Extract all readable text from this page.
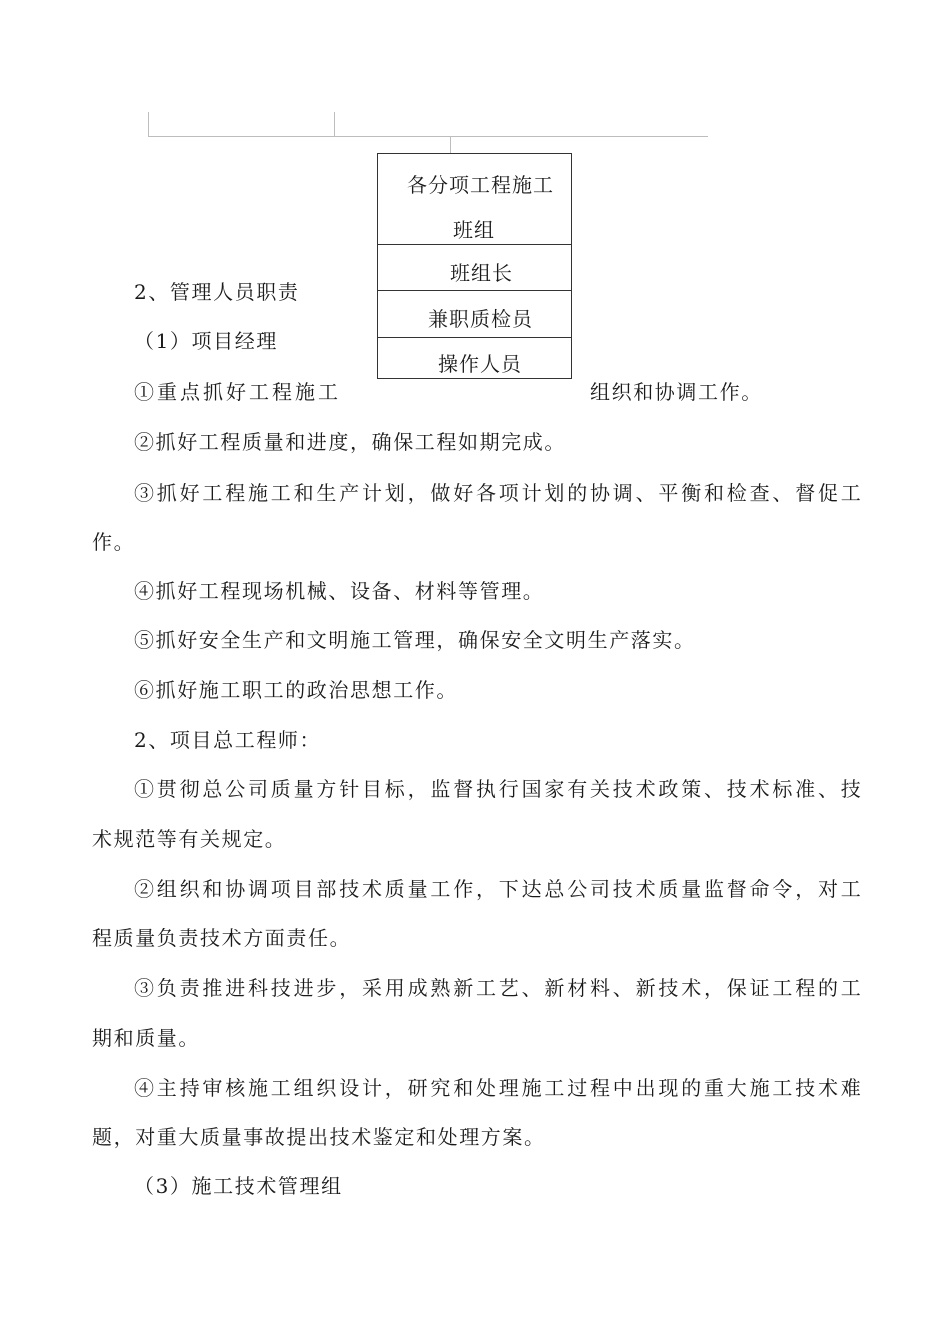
各分项工程施工
班组
班组长
兼职质检员
操作人员
2、管理人员职责
（1）项目经理
①重点抓好工程施工	组织和协调工作。
②抓好工程质量和进度，确保工程如期完成。
③抓好工程施工和生产计划，做好各项计划的协调、平衡和检查、督促工
作。
④抓好工程现场机械、设备、材料等管理。
⑤抓好安全生产和文明施工管理，确保安全文明生产落实。
⑥抓好施工职工的政治思想工作。
2、项目总工程师：
①贯彻总公司质量方针目标，监督执行国家有关技术政策、技术标准、技
术规范等有关规定。
②组织和协调项目部技术质量工作，下达总公司技术质量监督命令，对工
程质量负责技术方面责任。
③负责推进科技进步，采用成熟新工艺、新材料、新技术，保证工程的工
期和质量。
④主持审核施工组织设计，研究和处理施工过程中出现的重大施工技术难
题，对重大质量事故提出技术鉴定和处理方案。
（3）施工技术管理组
